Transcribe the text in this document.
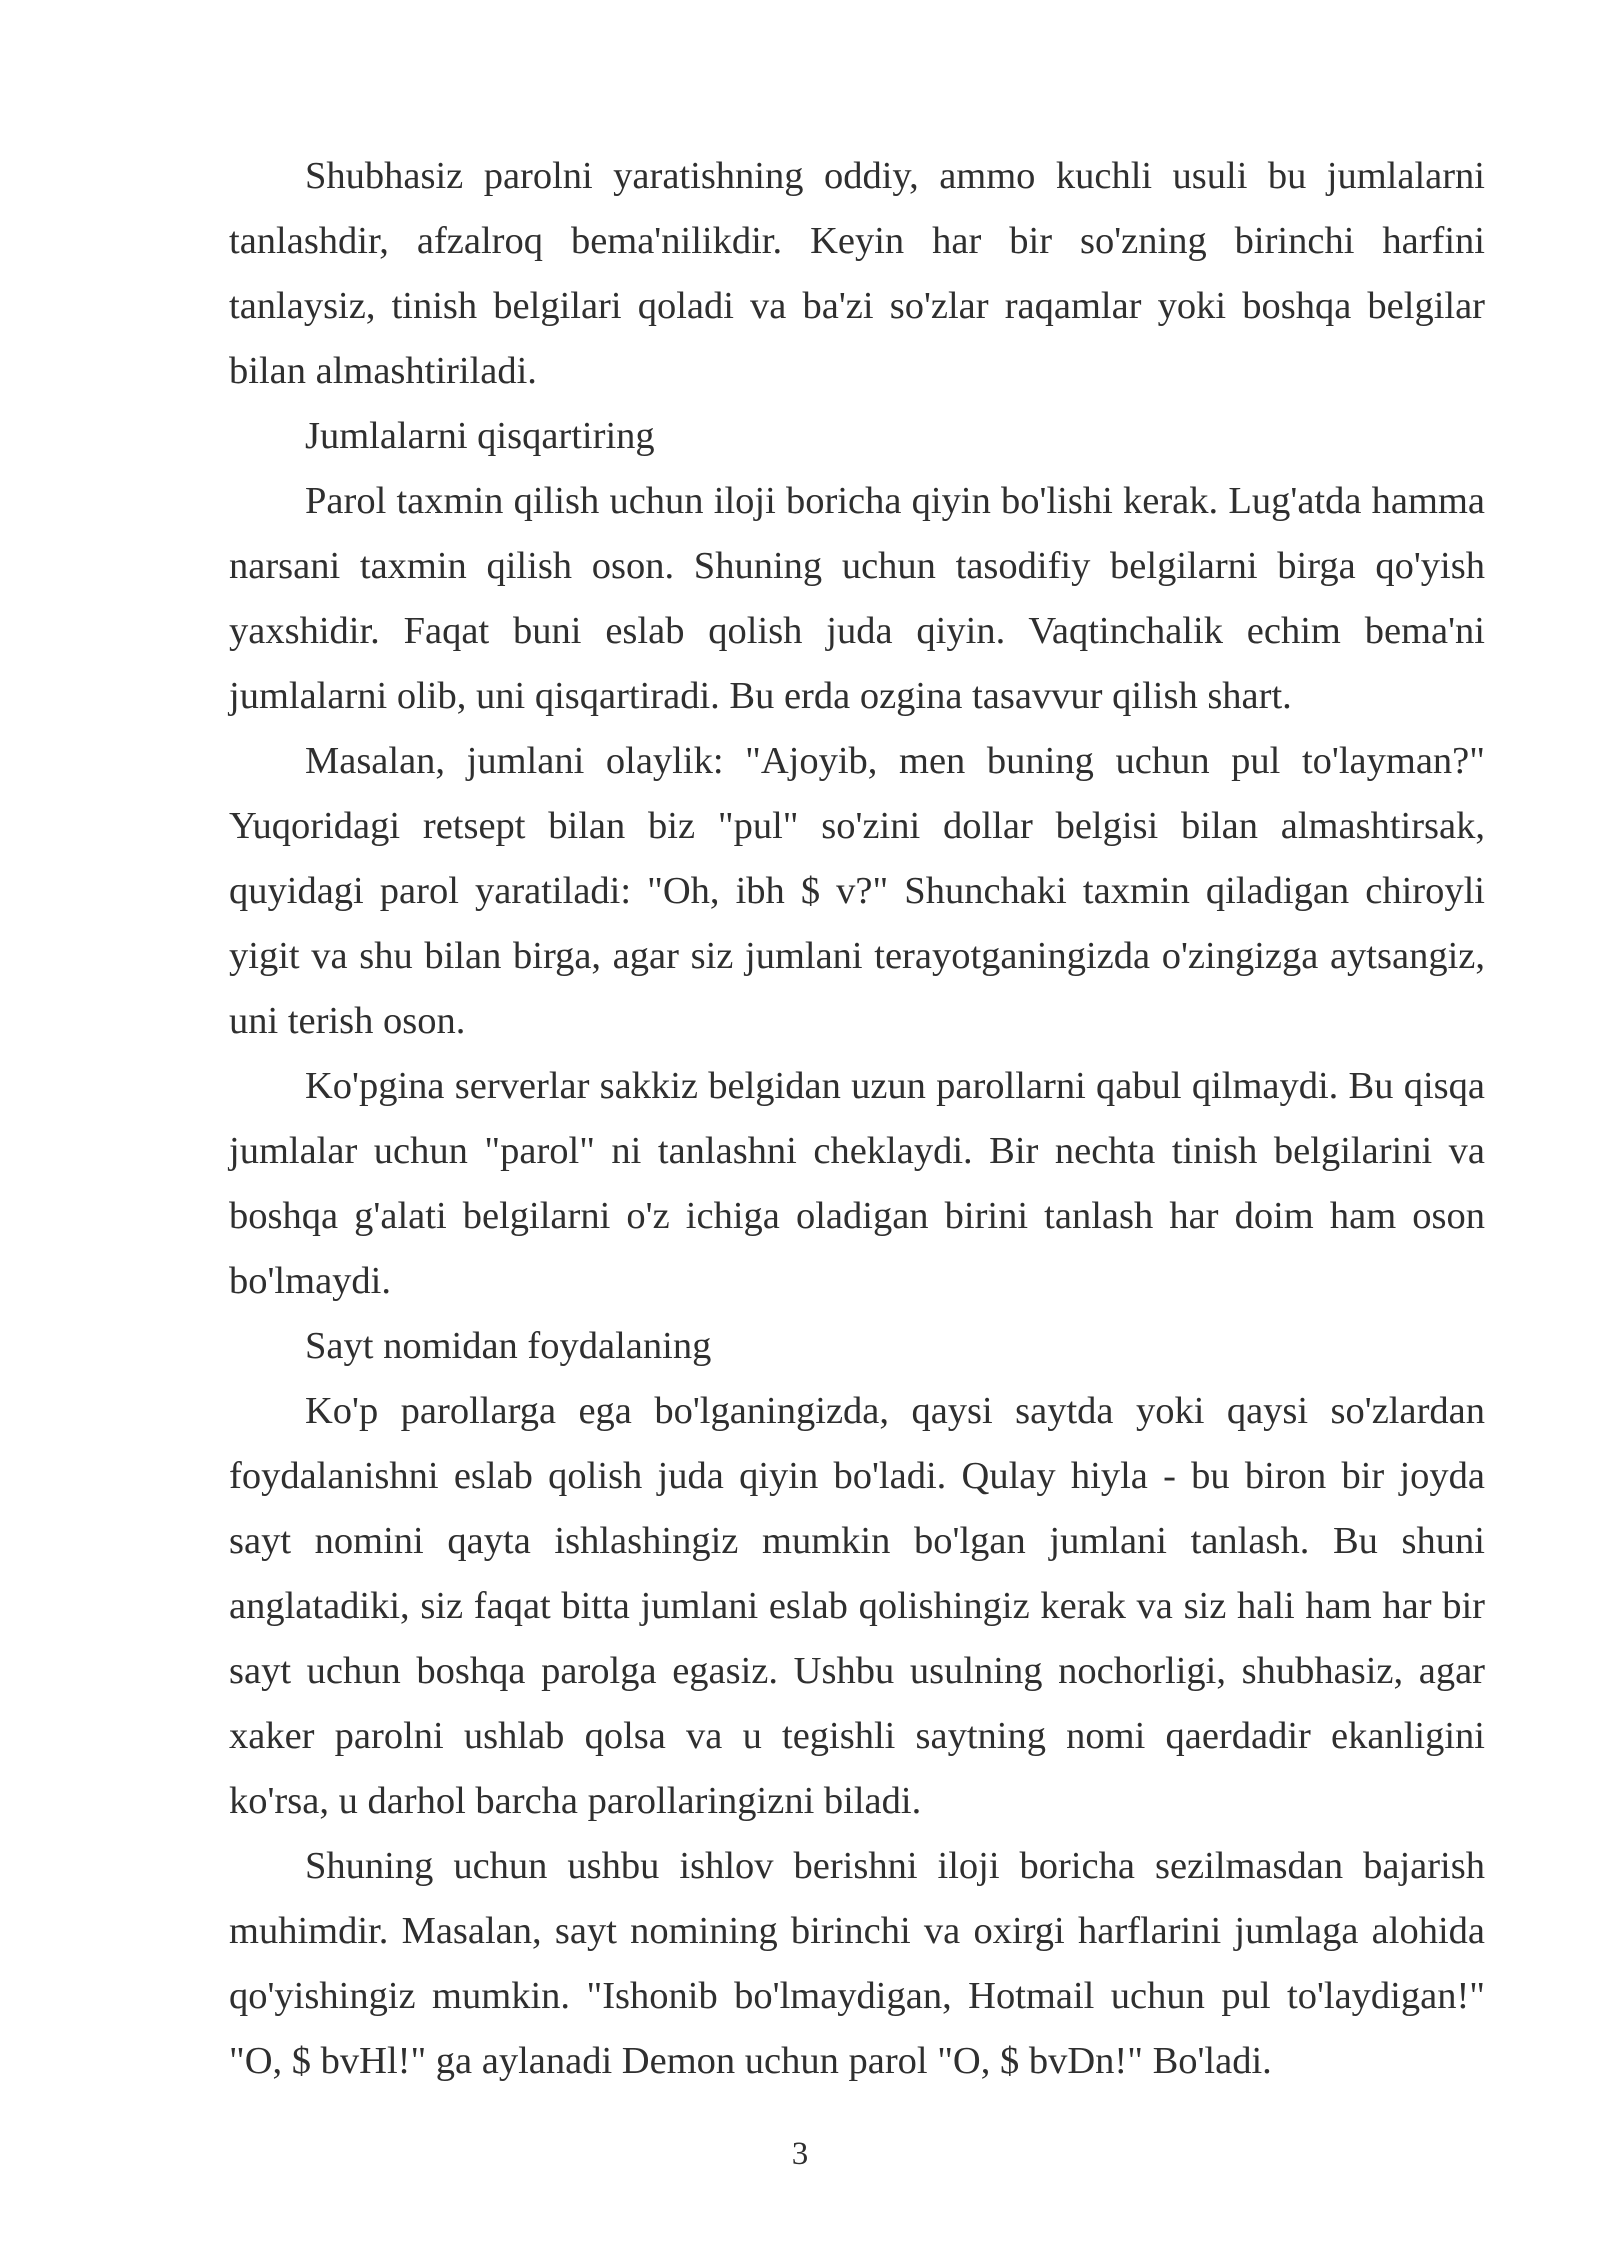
Shubhasiz parolni yaratishning oddiy, ammo kuchli usuli bu jumlalarni tanlashdir, afzalroq bema'nilikdir. Keyin har bir so'zning birinchi harfini tanlaysiz, tinish belgilari qoladi va ba'zi so'zlar raqamlar yoki boshqa belgilar bilan almashtiriladi.

Jumlalarni qisqartiring

Parol taxmin qilish uchun iloji boricha qiyin bo'lishi kerak. Lug'atda hamma narsani taxmin qilish oson. Shuning uchun tasodifiy belgilarni birga qo'yish yaxshidir. Faqat buni eslab qolish juda qiyin. Vaqtinchalik echim bema'ni jumlalarni olib, uni qisqartiradi. Bu erda ozgina tasavvur qilish shart.

Masalan, jumlani olaylik: "Ajoyib, men buning uchun pul to'layman?" Yuqoridagi retsept bilan biz "pul" so'zini dollar belgisi bilan almashtirsak, quyidagi parol yaratiladi: "Oh, ibh $ v?" Shunchaki taxmin qiladigan chiroyli yigit va shu bilan birga, agar siz jumlani terayotganingizda o'zingizga aytsangiz, uni terish oson.

Ko'pgina serverlar sakkiz belgidan uzun parollarni qabul qilmaydi. Bu qisqa jumlalar uchun "parol" ni tanlashni cheklaydi. Bir nechta tinish belgilarini va boshqa g'alati belgilarni o'z ichiga oladigan birini tanlash har doim ham oson bo'lmaydi.

Sayt nomidan foydalaning

Ko'p parollarga ega bo'lganingizda, qaysi saytda yoki qaysi so'zlardan foydalanishni eslab qolish juda qiyin bo'ladi. Qulay hiyla - bu biron bir joyda sayt nomini qayta ishlashingiz mumkin bo'lgan jumlani tanlash. Bu shuni anglatadiki, siz faqat bitta jumlani eslab qolishingiz kerak va siz hali ham har bir sayt uchun boshqa parolga egasiz. Ushbu usulning nochorligi, shubhasiz, agar xaker parolni ushlab qolsa va u tegishli saytning nomi qaerdadir ekanligini ko'rsa, u darhol barcha parollaringizni biladi.

Shuning uchun ushbu ishlov berishni iloji boricha sezilmasdan bajarish muhimdir. Masalan, sayt nomining birinchi va oxirgi harflarini jumlaga alohida qo'yishingiz mumkin. "Ishonib bo'lmaydigan, Hotmail uchun pul to'laydigan!" "O, $ bvHl!" ga aylanadi Demon uchun parol "O, $ bvDn!" Bo'ladi.

3
